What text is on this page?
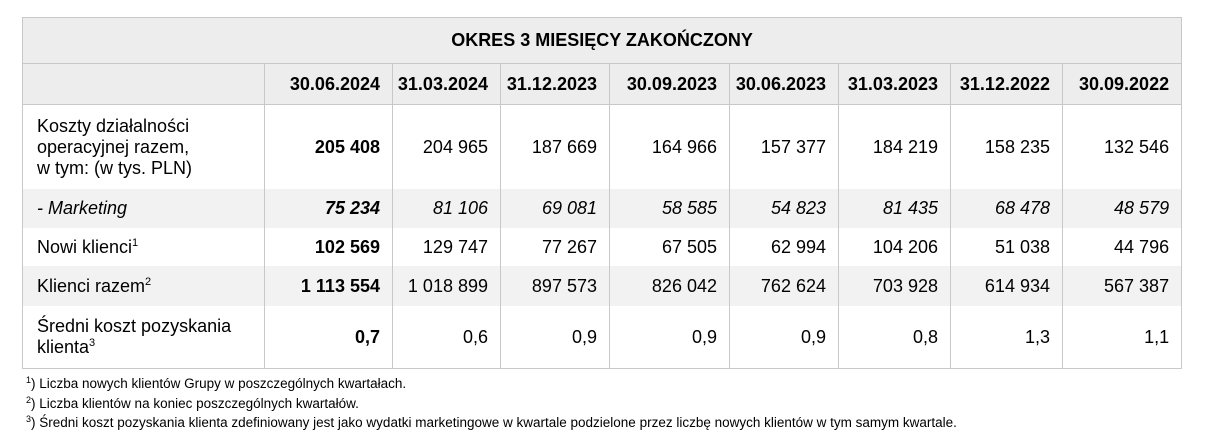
OKRES 3 MIESIĘCY ZAKOŃCZONY								
	30.06.2024	31.03.2024	31.12.2023	30.09.2023	30.06.2023	31.03.2023	31.12.2022	30.09.2022
Koszty działalności
operacyjnej razem,
w tym: (w tys. PLN)	205 408	204 965	187 669	164 966	157 377	184 219	158 235	132 546
- Marketing	75 234	81 106	69 081	58 585	54 823	81 435	68 478	48 579
Nowi klienci$^1$	102 569	129 747	77 267	67 505	62 994	104 206	51 038	44 796
Klienci razem$^2$	1 113 554	1 018 899	897 573	826 042	762 624	703 928	614 934	567 387
Średni koszt pozyskania
klienta$^3$	0,7	0,6	0,9	0,9	0,9	0,8	1,3	1,1
$^1$) Liczba nowych klientów Grupy w poszczególnych kwartałach.
$^2$) Liczba klientów na koniec poszczególnych kwartałów.
$^3$) Średni koszt pozyskania klienta zdefiniowany jest jako wydatki marketingowe w kwartale podzielone przez liczbę nowych klientów w tym samym kwartale.
